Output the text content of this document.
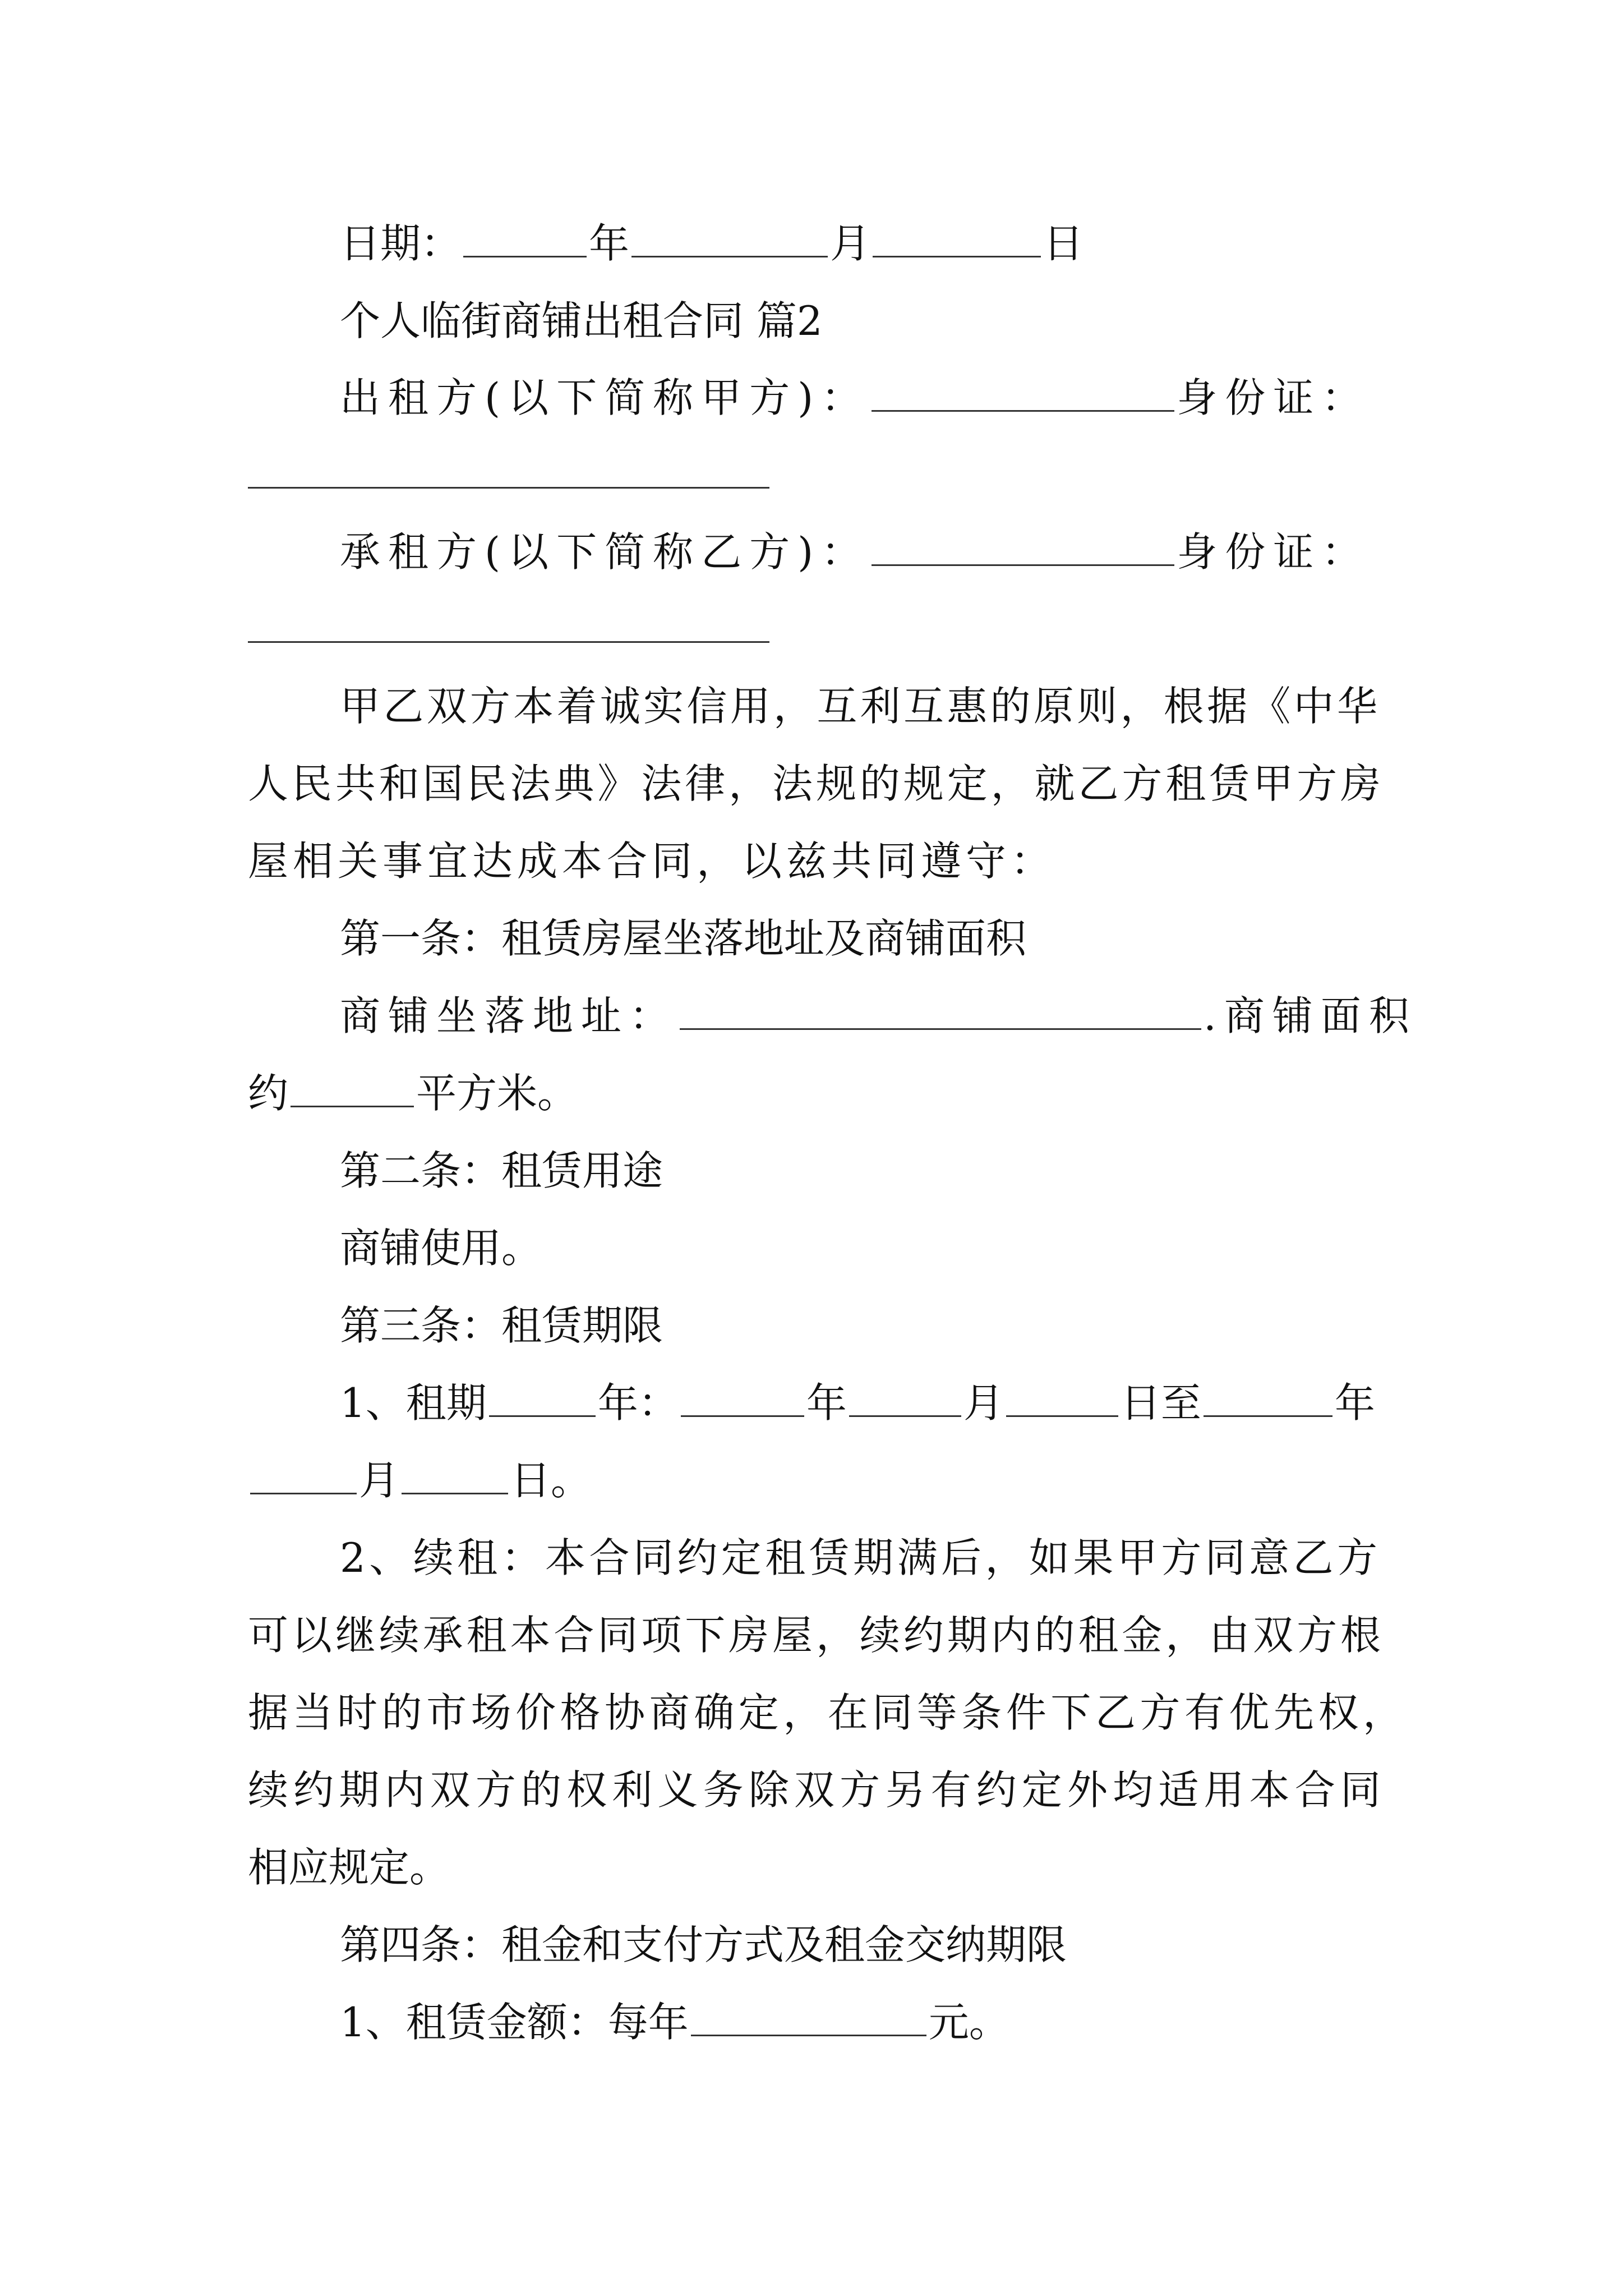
日期：	年	月	日
个人临街商铺出租合同 篇2
出租方(以下简称甲方)：	身份证：
承租方(以下简称乙方)：	身份证：
甲乙双方本着诚实信用，互利互惠的原则，根据《中华
人民共和国民法典》法律，法规的规定，就乙方租赁甲方房
屋相关事宜达成本合同，以兹共同遵守：
第一条：租赁房屋坐落地址及商铺面积
商铺坐落地址：	.商铺面积
约	平方米。
第二条：租赁用途
商铺使用。
第三条：租赁期限
1、租期	年：	年	月	日至	年
月	日。
2、续租：本合同约定租赁期满后，如果甲方同意乙方
可以继续承租本合同项下房屋，续约期内的租金，由双方根
据当时的市场价格协商确定，在同等条件下乙方有优先权，
续约期内双方的权利义务除双方另有约定外均适用本合同
相应规定。
第四条：租金和支付方式及租金交纳期限
1、租赁金额：每年	元。
